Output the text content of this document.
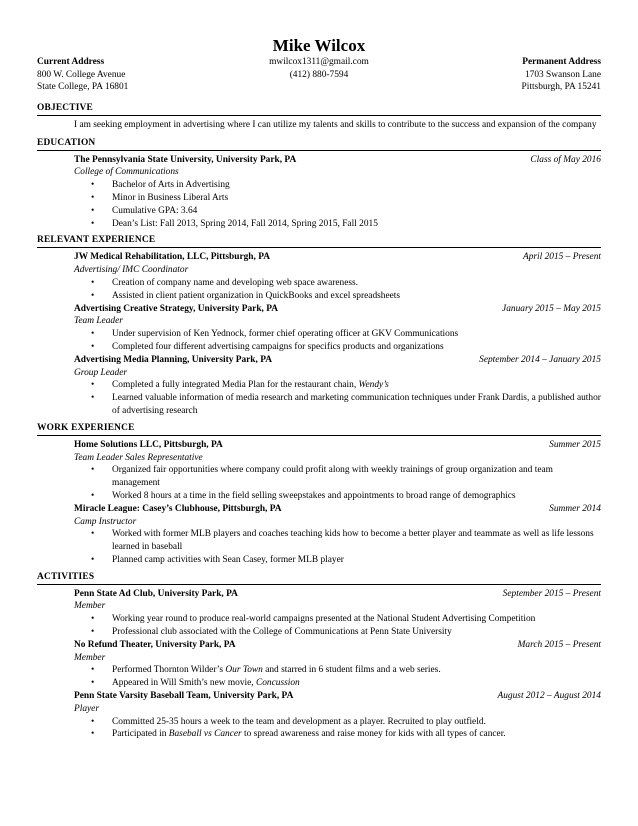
Mike Wilcox
Current Address
800 W. College Avenue
State College, PA 16801
mwilcox1311@gmail.com
(412) 880-7594
Permanent Address
1703 Swanson Lane
Pittsburgh, PA 15241
OBJECTIVE
I am seeking employment in advertising where I can utilize my talents and skills to contribute to the success and expansion of the company
EDUCATION
The Pennsylvania State University, University Park, PA	Class of May 2016
College of Communications
• Bachelor of Arts in Advertising
• Minor in Business Liberal Arts
• Cumulative GPA: 3.64
• Dean’s List: Fall 2013, Spring 2014, Fall 2014, Spring 2015, Fall 2015
RELEVANT EXPERIENCE
JW Medical Rehabilitation, LLC, Pittsburgh, PA	April 2015 – Present
Advertising/ IMC Coordinator
• Creation of company name and developing web space awareness.
• Assisted in client patient organization in QuickBooks and excel spreadsheets
Advertising Creative Strategy, University Park, PA	January 2015 – May 2015
Team Leader
• Under supervision of Ken Yednock, former chief operating officer at GKV Communications
• Completed four different advertising campaigns for specifics products and organizations
Advertising Media Planning, University Park, PA	September 2014 – January 2015
Group Leader
• Completed a fully integrated Media Plan for the restaurant chain, Wendy’s
• Learned valuable information of media research and marketing communication techniques under Frank Dardis, a published author of advertising research
WORK EXPERIENCE
Home Solutions LLC, Pittsburgh, PA	Summer 2015
Team Leader Sales Representative
• Organized fair opportunities where company could profit along with weekly trainings of group organization and team management
• Worked 8 hours at a time in the field selling sweepstakes and appointments to broad range of demographics
Miracle League: Casey’s Clubhouse, Pittsburgh, PA	Summer 2014
Camp Instructor
• Worked with former MLB players and coaches teaching kids how to become a better player and teammate as well as life lessons learned in baseball
• Planned camp activities with Sean Casey, former MLB player
ACTIVITIES
Penn State Ad Club, University Park, PA	September 2015 – Present
Member
• Working year round to produce real-world campaigns presented at the National Student Advertising Competition
• Professional club associated with the College of Communications at Penn State University
No Refund Theater, University Park, PA	March 2015 – Present
Member
• Performed Thornton Wilder’s Our Town and starred in 6 student films and a web series.
• Appeared in Will Smith’s new movie, Concussion
Penn State Varsity Baseball Team, University Park, PA	August 2012 – August 2014
Player
• Committed 25-35 hours a week to the team and development as a player. Recruited to play outfield.
• Participated in Baseball vs Cancer to spread awareness and raise money for kids with all types of cancer.
